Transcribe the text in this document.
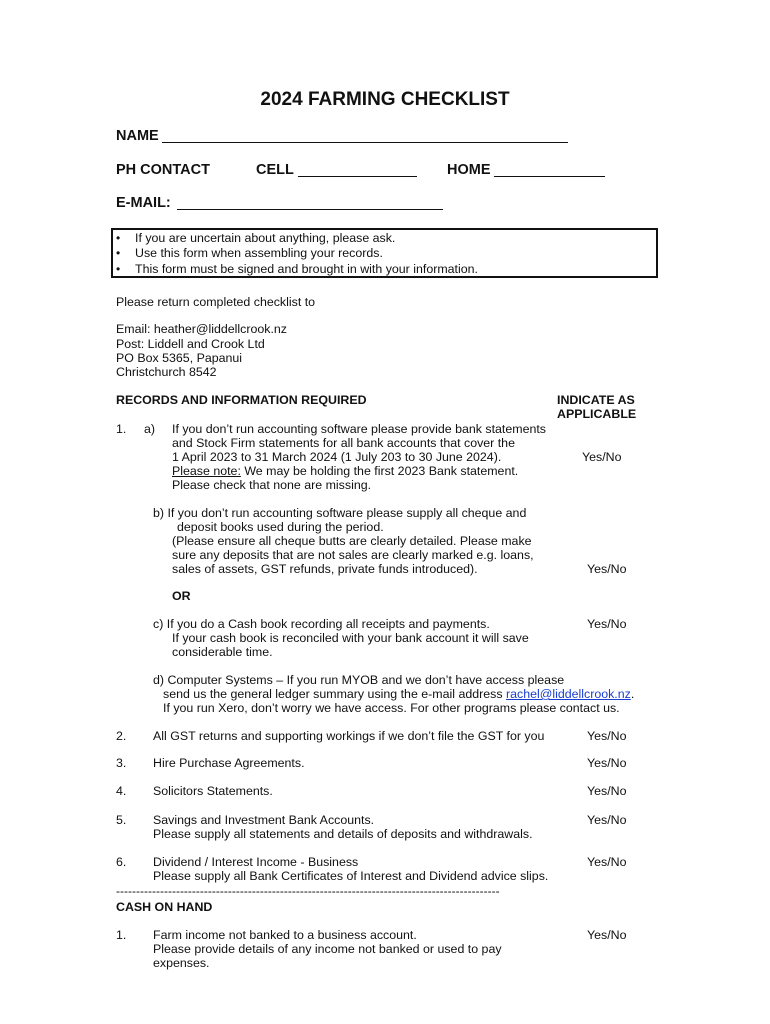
2024 FARMING CHECKLIST
NAME
PH CONTACT	CELL	HOME
E-MAIL:
• If you are uncertain about anything, please ask.
• Use this form when assembling your records.
• This form must be signed and brought in with your information.
Please return completed checklist to
Email: heather@liddellcrook.nz
Post: Liddell and Crook Ltd
PO Box 5365, Papanui
Christchurch 8542
RECORDS AND INFORMATION REQUIRED	INDICATE AS
APPLICABLE
1. a) If you don’t run accounting software please provide bank statements
and Stock Firm statements for all bank accounts that cover the
1 April 2023 to 31 March 2024 (1 July 203 to 30 June 2024).	Yes/No
Please note: We may be holding the first 2023 Bank statement.
Please check that none are missing.
b) If you don’t run accounting software please supply all cheque and
deposit books used during the period.
(Please ensure all cheque butts are clearly detailed. Please make
sure any deposits that are not sales are clearly marked e.g. loans,
sales of assets, GST refunds, private funds introduced).	Yes/No
OR
c) If you do a Cash book recording all receipts and payments.	Yes/No
If your cash book is reconciled with your bank account it will save
considerable time.
d) Computer Systems – If you run MYOB and we don’t have access please
send us the general ledger summary using the e-mail address rachel@liddellcrook.nz.
If you run Xero, don’t worry we have access. For other programs please contact us.
2. All GST returns and supporting workings if we don’t file the GST for you	Yes/No
3. Hire Purchase Agreements.	Yes/No
4. Solicitors Statements.	Yes/No
5. Savings and Investment Bank Accounts.	Yes/No
Please supply all statements and details of deposits and withdrawals.
6. Dividend / Interest Income - Business	Yes/No
Please supply all Bank Certificates of Interest and Dividend advice slips.
------------------------------------------------------------------------------------------------
CASH ON HAND
1. Farm income not banked to a business account.	Yes/No
Please provide details of any income not banked or used to pay
expenses.
